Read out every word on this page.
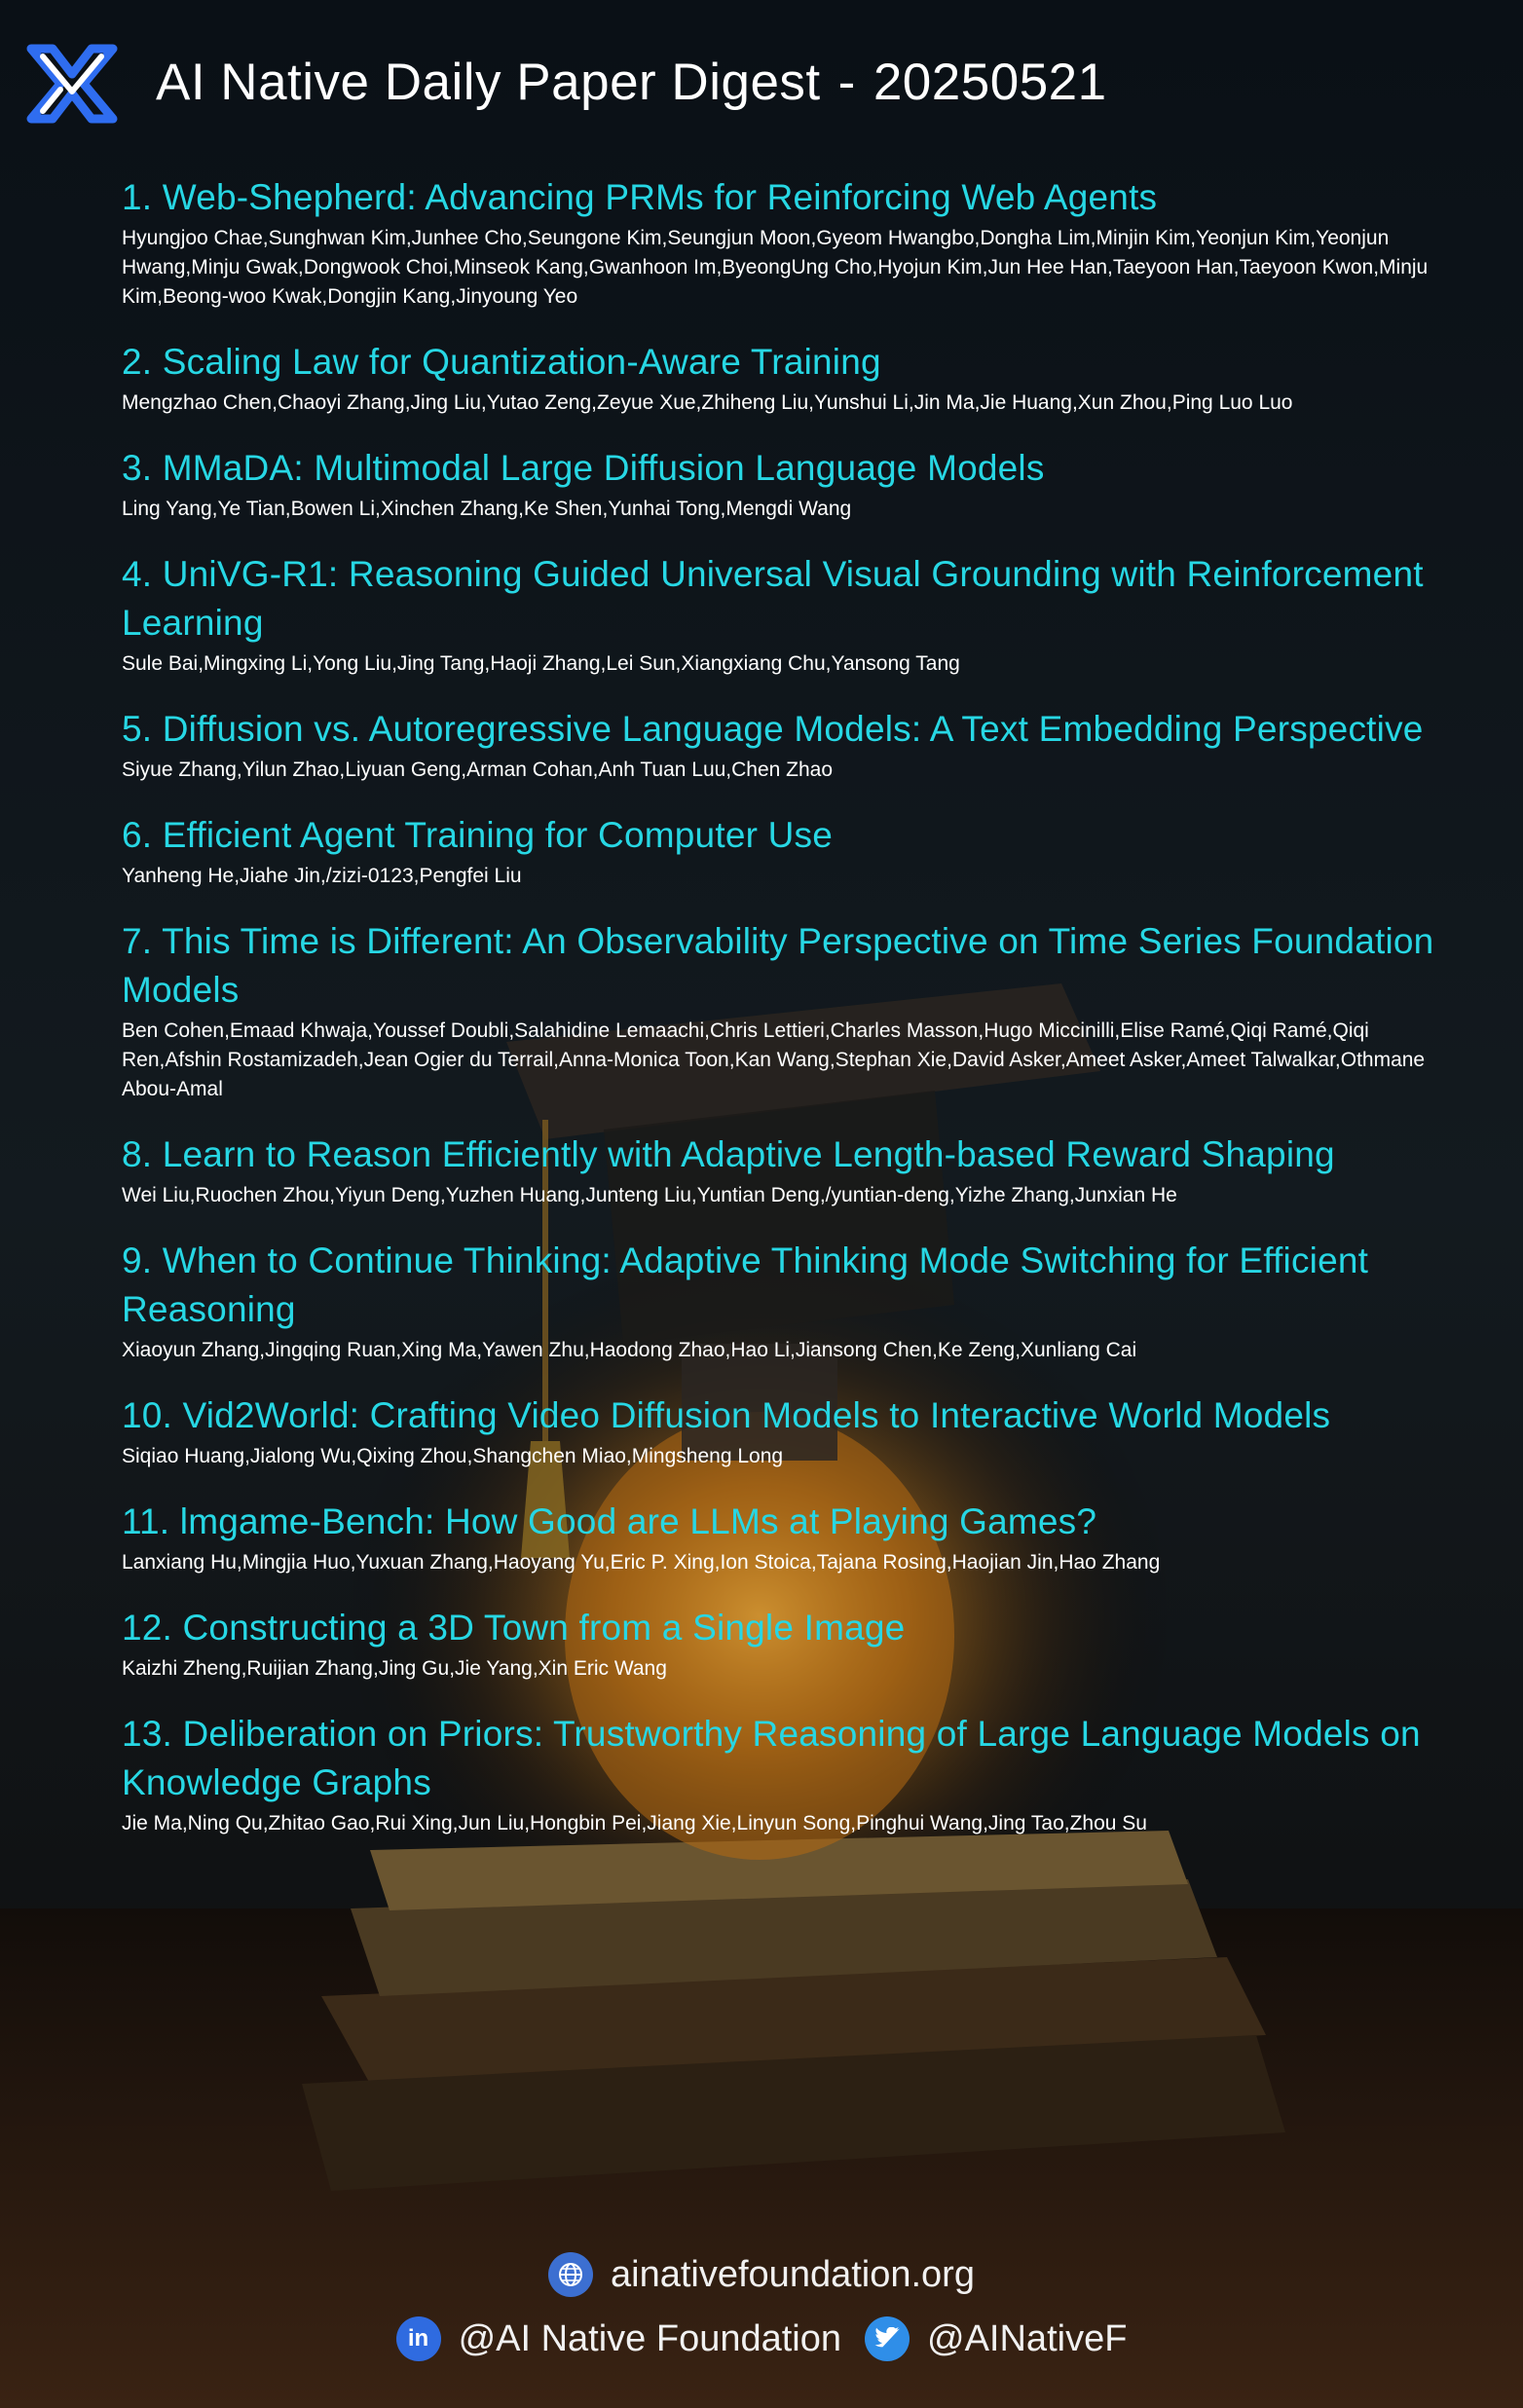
AI Native Daily Paper Digest - 20250521
1. Web-Shepherd: Advancing PRMs for Reinforcing Web Agents
Hyungjoo Chae,Sunghwan Kim,Junhee Cho,Seungone Kim,Seungjun Moon,Gyeom Hwangbo,Dongha Lim,Minjin Kim,Yeonjun Kim,Yeonjun Hwang,Minju Gwak,Dongwook Choi,Minseok Kang,Gwanhoon Im,ByeongUng Cho,Hyojun Kim,Jun Hee Han,Taeyoon Han,Taeyoon Kwon,Minju Kim,Beong-woo Kwak,Dongjin Kang,Jinyoung Yeo
2. Scaling Law for Quantization-Aware Training
Mengzhao Chen,Chaoyi Zhang,Jing Liu,Yutao Zeng,Zeyue Xue,Zhiheng Liu,Yunshui Li,Jin Ma,Jie Huang,Xun Zhou,Ping Luo Luo
3. MMaDA: Multimodal Large Diffusion Language Models
Ling Yang,Ye Tian,Bowen Li,Xinchen Zhang,Ke Shen,Yunhai Tong,Mengdi Wang
4. UniVG-R1: Reasoning Guided Universal Visual Grounding with Reinforcement Learning
Sule Bai,Mingxing Li,Yong Liu,Jing Tang,Haoji Zhang,Lei Sun,Xiangxiang Chu,Yansong Tang
5. Diffusion vs. Autoregressive Language Models: A Text Embedding Perspective
Siyue Zhang,Yilun Zhao,Liyuan Geng,Arman Cohan,Anh Tuan Luu,Chen Zhao
6. Efficient Agent Training for Computer Use
Yanheng He,Jiahe Jin,/zizi-0123,Pengfei Liu
7. This Time is Different: An Observability Perspective on Time Series Foundation Models
Ben Cohen,Emaad Khwaja,Youssef Doubli,Salahidine Lemaachi,Chris Lettieri,Charles Masson,Hugo Miccinilli,Elise Ramé,Qiqi Ramé,Qiqi Ren,Afshin Rostamizadeh,Jean Ogier du Terrail,Anna-Monica Toon,Kan Wang,Stephan Xie,David Asker,Ameet Asker,Ameet Talwalkar,Othmane Abou-Amal
8. Learn to Reason Efficiently with Adaptive Length-based Reward Shaping
Wei Liu,Ruochen Zhou,Yiyun Deng,Yuzhen Huang,Junteng Liu,Yuntian Deng,/yuntian-deng,Yizhe Zhang,Junxian He
9. When to Continue Thinking: Adaptive Thinking Mode Switching for Efficient Reasoning
Xiaoyun Zhang,Jingqing Ruan,Xing Ma,Yawen Zhu,Haodong Zhao,Hao Li,Jiansong Chen,Ke Zeng,Xunliang Cai
10. Vid2World: Crafting Video Diffusion Models to Interactive World Models
Siqiao Huang,Jialong Wu,Qixing Zhou,Shangchen Miao,Mingsheng Long
11. lmgame-Bench: How Good are LLMs at Playing Games?
Lanxiang Hu,Mingjia Huo,Yuxuan Zhang,Haoyang Yu,Eric P. Xing,Ion Stoica,Tajana Rosing,Haojian Jin,Hao Zhang
12. Constructing a 3D Town from a Single Image
Kaizhi Zheng,Ruijian Zhang,Jing Gu,Jie Yang,Xin Eric Wang
13. Deliberation on Priors: Trustworthy Reasoning of Large Language Models on Knowledge Graphs
Jie Ma,Ning Qu,Zhitao Gao,Rui Xing,Jun Liu,Hongbin Pei,Jiang Xie,Linyun Song,Pinghui Wang,Jing Tao,Zhou Su
ainativefoundation.org
in @AI Native Foundation @AINativeF
